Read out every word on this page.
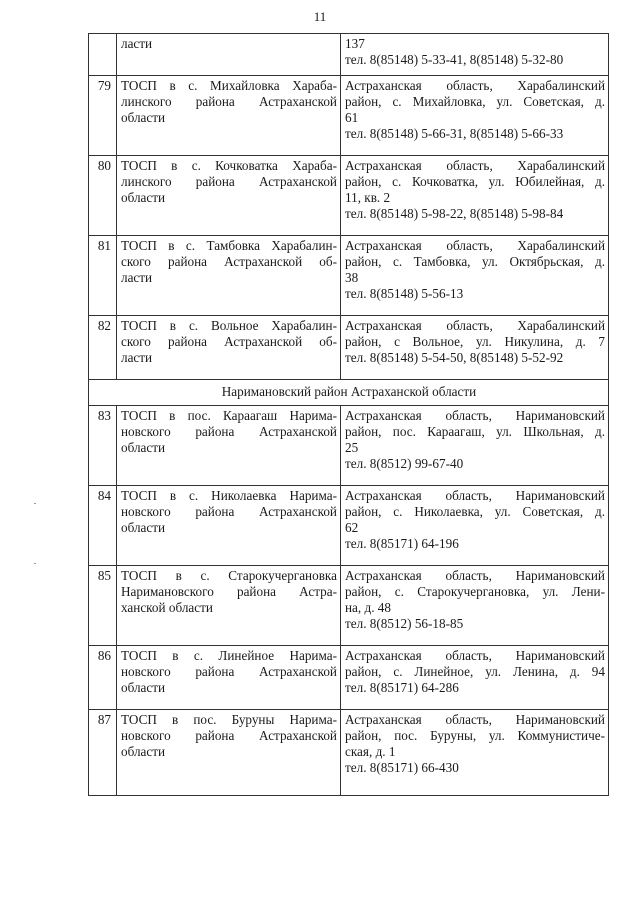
11

	ласти	137
тел. 8(85148) 5-33-41, 8(85148) 5-32-80

79	ТОСП в с. Михайловка Хараба-
линского района Астраханской
области	Астраханская область, Харабалинский
район, с. Михайловка, ул. Советская, д.
61
тел. 8(85148) 5-66-31, 8(85148) 5-66-33

80	ТОСП в с. Кочковатка Хараба-
линского района Астраханской
области	Астраханская область, Харабалинский
район, с. Кочковатка, ул. Юбилейная, д.
11, кв. 2
тел. 8(85148) 5-98-22, 8(85148) 5-98-84

81	ТОСП в с. Тамбовка Харабалин-
ского района Астраханской об-
ласти	Астраханская область, Харабалинский
район, с. Тамбовка, ул. Октябрьская, д.
38
тел. 8(85148) 5-56-13

82	ТОСП в с. Вольное Харабалин-
ского района Астраханской об-
ласти	Астраханская область, Харабалинский
район, с Вольное, ул. Никулина, д. 7
тел. 8(85148) 5-54-50, 8(85148) 5-52-92

Наримановский район Астраханской области		
83	ТОСП в пос. Караагаш Нарима-
новского района Астраханской
области	Астраханская область, Наримановский
район, пос. Караагаш, ул. Школьная, д.
25
тел. 8(8512) 99-67-40

84	ТОСП в с. Николаевка Нарима-
новского района Астраханской
области	Астраханская область, Наримановский
район, с. Николаевка, ул. Советская, д.
62
тел. 8(85171) 64-196

85	ТОСП в с. Старокучергановка
Наримановского района Астра-
ханской области	Астраханская область, Наримановский
район, с. Старокучергановка, ул. Лени-
на, д. 48
тел. 8(8512) 56-18-85

86	ТОСП в с. Линейное Нарима-
новского района Астраханской
области	Астраханская область, Наримановский
район, с. Линейное, ул. Ленина, д. 94
тел. 8(85171) 64-286

87	ТОСП в пос. Буруны Нарима-
новского района Астраханской
области	Астраханская область, Наримановский
район, пос. Буруны, ул. Коммунистиче-
ская, д. 1
тел. 8(85171) 66-430
